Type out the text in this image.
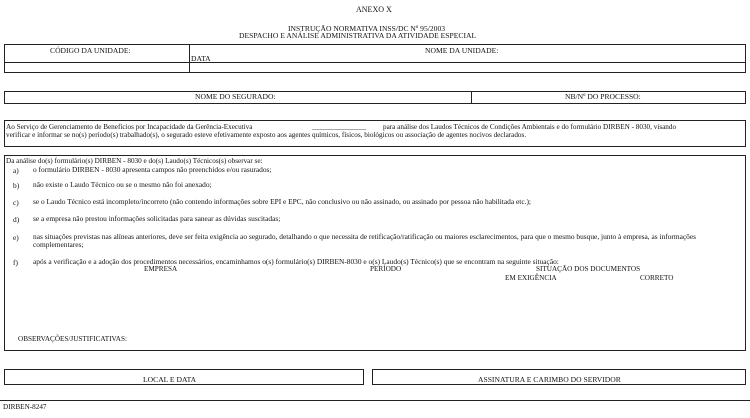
ANEXO X
INSTRUÇÃO NORMATIVA INSS/DC Nº 95/2003
DESPACHO E ANÁLISE ADMINISTRATIVA DA ATIVIDADE ESPECIAL
CÓDIGO DA UNIDADE:	NOME DA UNIDADE:
DATA
NOME DO SEGURADO:	NB/Nº DO PROCESSO:
Ao Serviço de Gerenciamento de Benefícios por Incapacidade da Gerência-Executiva	_______________ para análise dos Laudos Técnicos de Condições Ambientais e do formulário DIRBEN - 8030, visando
verificar e informar se no(s) período(s) trabalhado(s), o segurado esteve efetivamente exposto aos agentes químicos, físicos, biológicos ou associação de agentes nocivos declarados.
Da análise do(s) formulário(s) DIRBEN - 8030 e do(s) Laudo(s) Técnicos(s) observar se:
a) o formulário DIRBEN - 8030 apresenta campos não preenchidos e/ou rasurados;
b) não existe o Laudo Técnico ou se o mesmo não foi anexado;
c) se o Laudo Técnico está incompleto/incorreto (não contendo informações sobre EPI e EPC, não conclusivo ou não assinado, ou assinado por pessoa não habilitada etc.);
d) se a empresa não prestou informações solicitadas para sanear as dúvidas suscitadas;
e) nas situações previstas nas alíneas anteriores, deve ser feita exigência ao segurado, detalhando o que necessita de retificação/ratificação ou maiores esclarecimentos, para que o mesmo busque, junto à empresa, as informações complementares;
f) após a verificação e a adoção dos procedimentos necessários, encaminhamos o(s) formulário(s) DIRBEN-8030 e o(s) Laudo(s) Técnico(s) que se encontram na seguinte situação:
EMPRESA	PERÍODO	SITUAÇÃO DOS DOCUMENTOS
EM EXIGÊNCIA	CORRETO
OBSERVAÇÕES/JUSTIFICATIVAS:
LOCAL E DATA	ASSINATURA E CARIMBO DO SERVIDOR
DIRBEN-8247
